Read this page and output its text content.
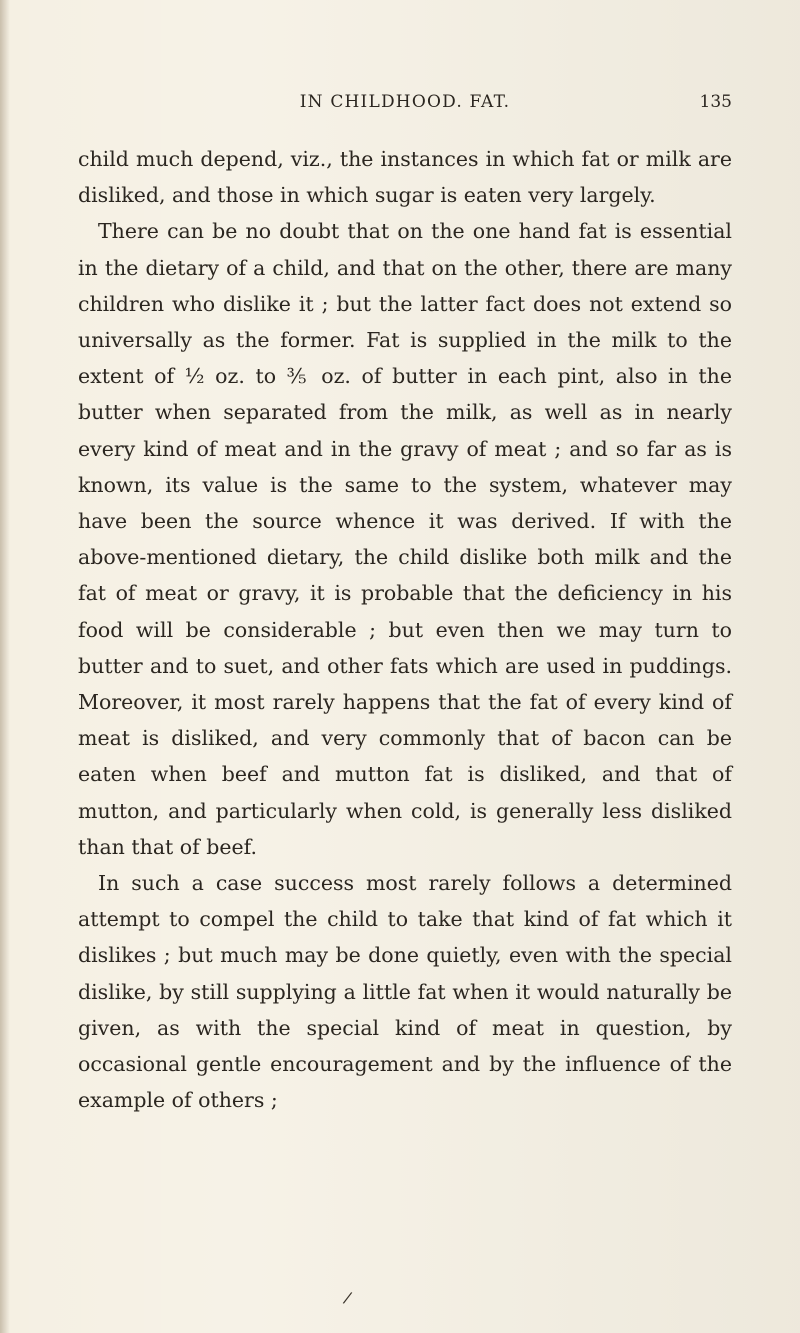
IN CHILDHOOD. FAT.	135

child much depend, viz., the instances in which fat or milk are disliked, and those in which sugar is eaten very largely.

There can be no doubt that on the one hand fat is essential in the dietary of a child, and that on the other, there are many children who dislike it ; but the latter fact does not extend so universally as the former. Fat is supplied in the milk to the extent of ½ oz. to ⅗ oz. of butter in each pint, also in the butter when separated from the milk, as well as in nearly every kind of meat and in the gravy of meat ; and so far as is known, its value is the same to the system, whatever may have been the source whence it was derived. If with the above-mentioned dietary, the child dislike both milk and the fat of meat or gravy, it is probable that the deficiency in his food will be considerable ; but even then we may turn to butter and to suet, and other fats which are used in puddings. Moreover, it most rarely happens that the fat of every kind of meat is disliked, and very commonly that of bacon can be eaten when beef and mutton fat is disliked, and that of mutton, and particularly when cold, is generally less disliked than that of beef.

In such a case success most rarely follows a determined attempt to compel the child to take that kind of fat which it dislikes ; but much may be done quietly, even with the special dislike, by still supplying a little fat when it would naturally be given, as with the special kind of meat in question, by occasional gentle encouragement and by the influence of the example of others ;

/
